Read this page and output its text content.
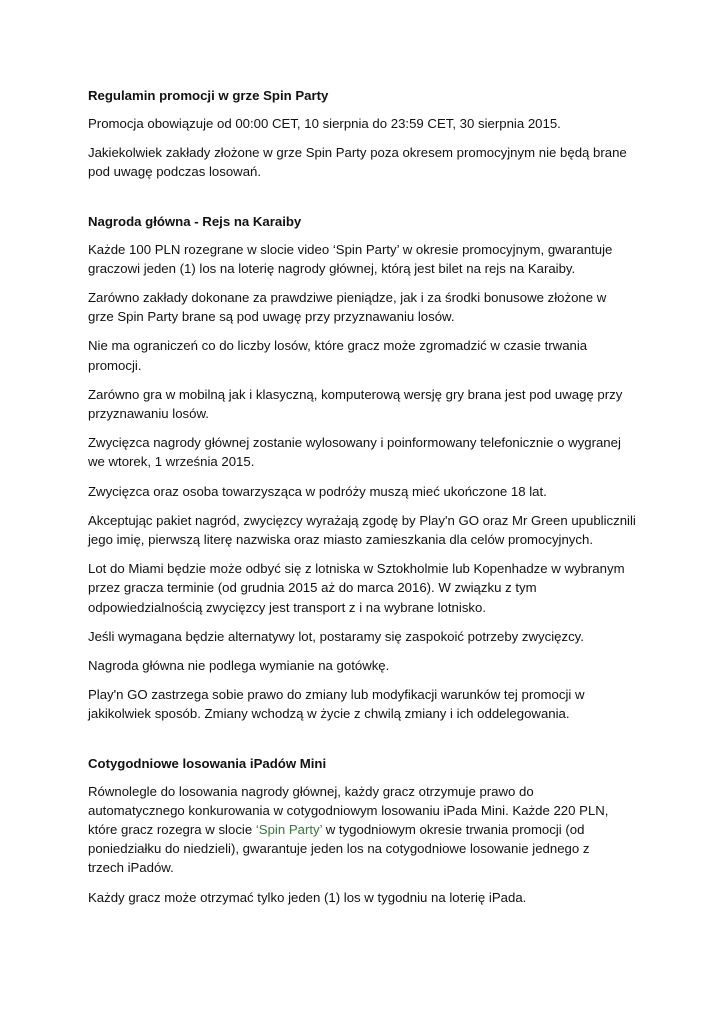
Regulamin promocji w grze Spin Party
Promocja obowiązuje od 00:00 CET, 10 sierpnia do 23:59 CET, 30 sierpnia 2015.
Jakiekolwiek zakłady złożone w grze Spin Party poza okresem promocyjnym nie będą brane
pod uwagę podczas losowań.
Nagroda główna - Rejs na Karaiby
Każde 100 PLN rozegrane w slocie video ‘Spin Party’ w okresie promocyjnym, gwarantuje
graczowi jeden (1) los na loterię nagrody głównej, którą jest bilet na rejs na Karaiby.
Zarówno zakłady dokonane za prawdziwe pieniądze, jak i za środki bonusowe złożone w
grze Spin Party brane są pod uwagę przy przyznawaniu losów.
Nie ma ograniczeń co do liczby losów, które gracz może zgromadzić w czasie trwania
promocji.
Zarówno gra w mobilną jak i klasyczną, komputerową wersję gry brana jest pod uwagę przy
przyznawaniu losów.
Zwycięzca nagrody głównej zostanie wylosowany i poinformowany telefonicznie o wygranej
we wtorek, 1 września 2015.
Zwycięzca oraz osoba towarzysząca w podróży muszą mieć ukończone 18 lat.
Akceptując pakiet nagród, zwycięzcy wyrażają zgodę by Play'n GO oraz Mr Green upublicznili
jego imię, pierwszą literę nazwiska oraz miasto zamieszkania dla celów promocyjnych.
Lot do Miami będzie może odbyć się z lotniska w Sztokholmie lub Kopenhadze w wybranym
przez gracza terminie (od grudnia 2015 aż do marca 2016). W związku z tym
odpowiedzialnością zwycięzcy jest transport z i na wybrane lotnisko.
Jeśli wymagana będzie alternatywy lot, postaramy się zaspokoić potrzeby zwycięzcy.
Nagroda główna nie podlega wymianie na gotówkę.
Play'n GO zastrzega sobie prawo do zmiany lub modyfikacji warunków tej promocji w
jakikolwiek sposób. Zmiany wchodzą w życie z chwilą zmiany i ich oddelegowania.
Cotygodniowe losowania iPadów Mini
Równolegle do losowania nagrody głównej, każdy gracz otrzymuje prawo do
automatycznego konkurowania w cotygodniowym losowaniu iPada Mini. Każde 220 PLN,
które gracz rozegra w slocie ‘Spin Party’ w tygodniowym okresie trwania promocji (od
poniedziałku do niedzieli), gwarantuje jeden los na cotygodniowe losowanie jednego z
trzech iPadów.
Każdy gracz może otrzymać tylko jeden (1) los w tygodniu na loterię iPada.
